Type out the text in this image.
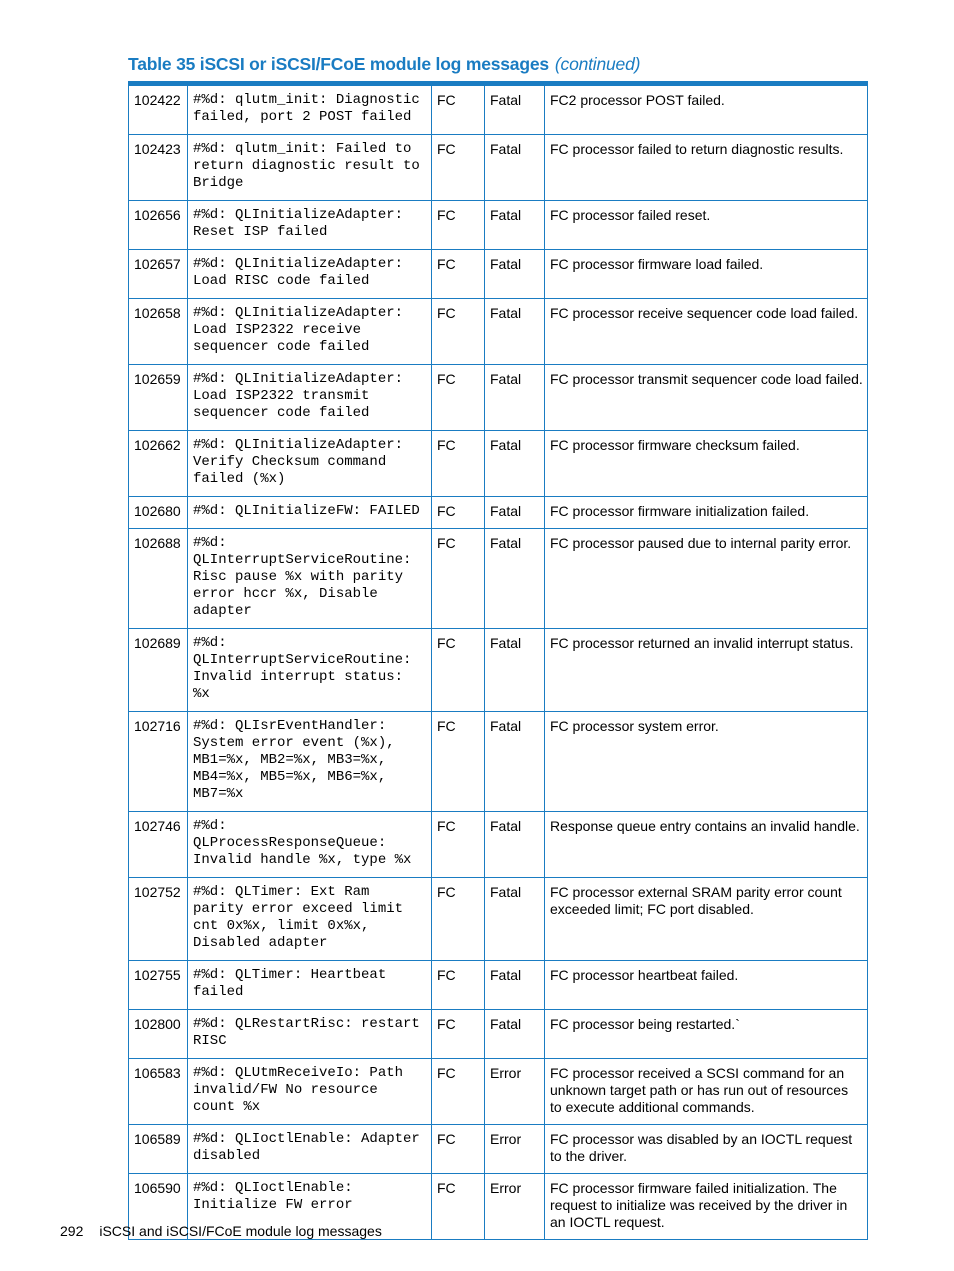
Table 35 iSCSI or iSCSI/FCoE module log messages (continued)
102422	#%d: qlutm_init: Diagnostic failed, port 2 POST failed	FC	Fatal	FC2 processor POST failed.
102423	#%d: qlutm_init: Failed to return diagnostic result to Bridge	FC	Fatal	FC processor failed to return diagnostic results.
102656	#%d: QLInitializeAdapter: Reset ISP failed	FC	Fatal	FC processor failed reset.
102657	#%d: QLInitializeAdapter: Load RISC code failed	FC	Fatal	FC processor firmware load failed.
102658	#%d: QLInitializeAdapter: Load ISP2322 receive sequencer code failed	FC	Fatal	FC processor receive sequencer code load failed.
102659	#%d: QLInitializeAdapter: Load ISP2322 transmit sequencer code failed	FC	Fatal	FC processor transmit sequencer code load failed.
102662	#%d: QLInitializeAdapter: Verify Checksum command failed (%x)	FC	Fatal	FC processor firmware checksum failed.
102680	#%d: QLInitializeFW: FAILED	FC	Fatal	FC processor firmware initialization failed.
102688	#%d: QLInterruptServiceRoutine: Risc pause %x with parity error hccr %x, Disable adapter	FC	Fatal	FC processor paused due to internal parity error.
102689	#%d: QLInterruptServiceRoutine: Invalid interrupt status: %x	FC	Fatal	FC processor returned an invalid interrupt status.
102716	#%d: QLIsrEventHandler: System error event (%x), MB1=%x, MB2=%x, MB3=%x, MB4=%x, MB5=%x, MB6=%x, MB7=%x	FC	Fatal	FC processor system error.
102746	#%d: QLProcessResponseQueue: Invalid handle %x, type %x	FC	Fatal	Response queue entry contains an invalid handle.
102752	#%d: QLTimer: Ext Ram parity error exceed limit cnt 0x%x, limit 0x%x, Disabled adapter	FC	Fatal	FC processor external SRAM parity error count exceeded limit; FC port disabled.
102755	#%d: QLTimer: Heartbeat failed	FC	Fatal	FC processor heartbeat failed.
102800	#%d: QLRestartRisc: restart RISC	FC	Fatal	FC processor being restarted.`
106583	#%d: QLUtmReceiveIo: Path invalid/FW No resource count %x	FC	Error	FC processor received a SCSI command for an unknown target path or has run out of resources to execute additional commands.
106589	#%d: QLIoctlEnable: Adapter disabled	FC	Error	FC processor was disabled by an IOCTL request to the driver.
106590	#%d: QLIoctlEnable: Initialize FW error	FC	Error	FC processor firmware failed initialization. The request to initialize was received by the driver in an IOCTL request.
292 iSCSI and iSCSI/FCoE module log messages
